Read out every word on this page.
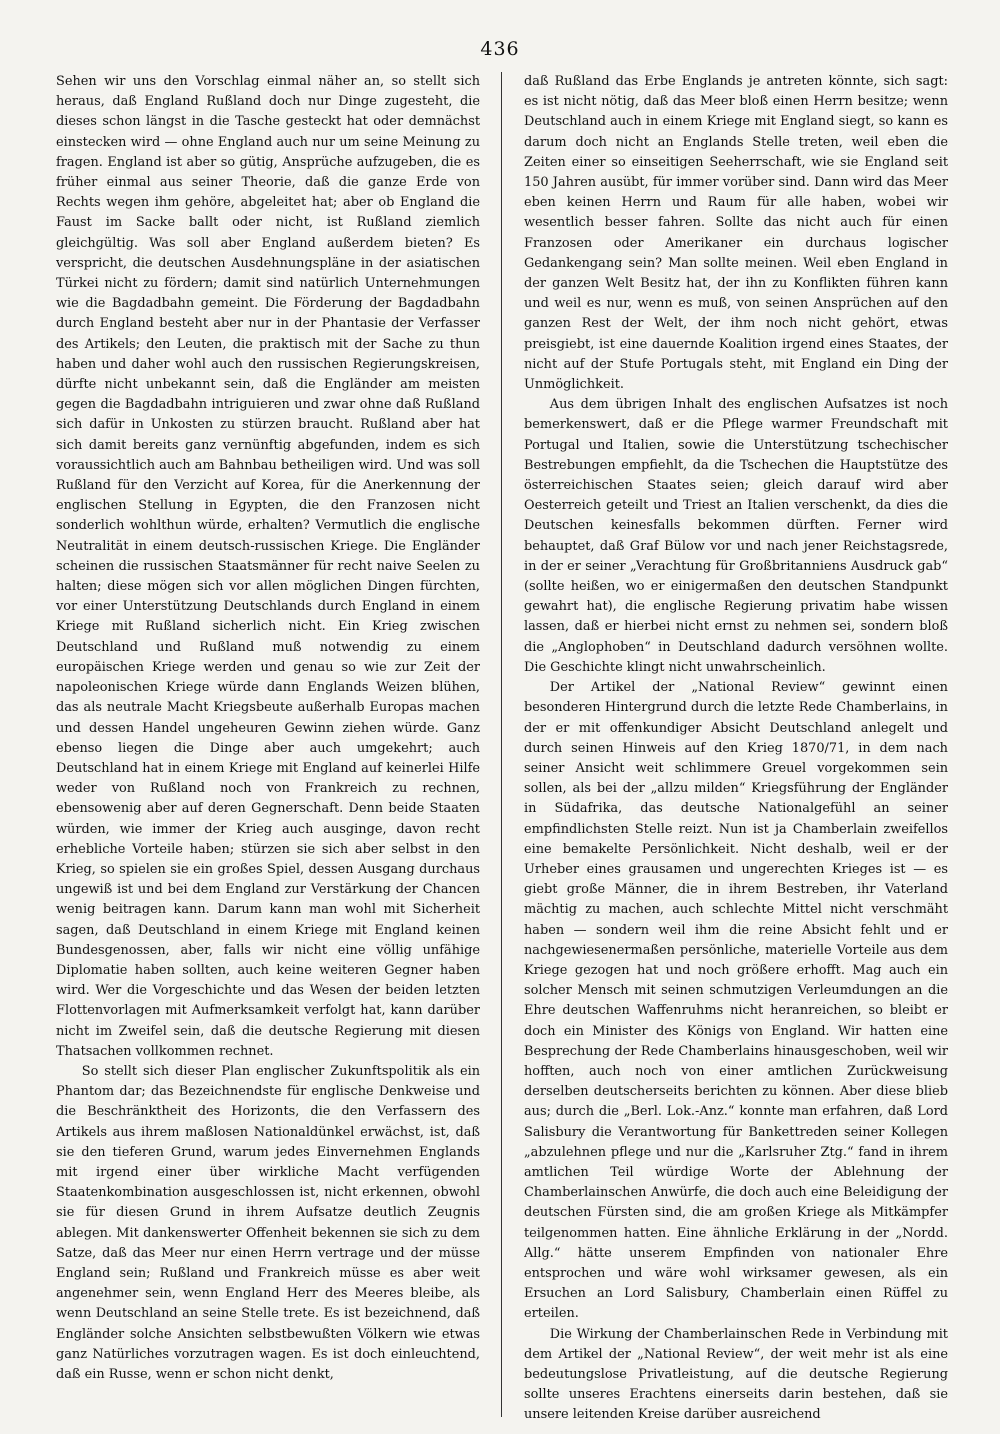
436

Sehen wir uns den Vorschlag einmal näher an, so stellt sich heraus, daß England Rußland doch nur Dinge zugesteht, die dieses schon längst in die Tasche gesteckt hat oder demnächst einstecken wird — ohne England auch nur um seine Meinung zu fragen. England ist aber so gütig, Ansprüche aufzugeben, die es früher einmal aus seiner Theorie, daß die ganze Erde von Rechts wegen ihm gehöre, abgeleitet hat; aber ob England die Faust im Sacke ballt oder nicht, ist Rußland ziemlich gleichgültig. Was soll aber England außerdem bieten? Es verspricht, die deutschen Ausdehnungspläne in der asiatischen Türkei nicht zu fördern; damit sind natürlich Unternehmungen wie die Bagdadbahn gemeint. Die Förderung der Bagdadbahn durch England besteht aber nur in der Phantasie der Verfasser des Artikels; den Leuten, die praktisch mit der Sache zu thun haben und daher wohl auch den russischen Regierungskreisen, dürfte nicht unbekannt sein, daß die Engländer am meisten gegen die Bagdadbahn intriguieren und zwar ohne daß Rußland sich dafür in Unkosten zu stürzen braucht. Rußland aber hat sich damit bereits ganz vernünftig abgefunden, indem es sich voraussichtlich auch am Bahnbau betheiligen wird. Und was soll Rußland für den Verzicht auf Korea, für die Anerkennung der englischen Stellung in Egypten, die den Franzosen nicht sonderlich wohlthun würde, erhalten? Vermutlich die englische Neutralität in einem deutsch-russischen Kriege. Die Engländer scheinen die russischen Staatsmänner für recht naive Seelen zu halten; diese mögen sich vor allen möglichen Dingen fürchten, vor einer Unterstützung Deutschlands durch England in einem Kriege mit Rußland sicherlich nicht. Ein Krieg zwischen Deutschland und Rußland muß notwendig zu einem europäischen Kriege werden und genau so wie zur Zeit der napoleonischen Kriege würde dann Englands Weizen blühen, das als neutrale Macht Kriegsbeute außerhalb Europas machen und dessen Handel ungeheuren Gewinn ziehen würde. Ganz ebenso liegen die Dinge aber auch umgekehrt; auch Deutschland hat in einem Kriege mit England auf keinerlei Hilfe weder von Rußland noch von Frankreich zu rechnen, ebensowenig aber auf deren Gegnerschaft. Denn beide Staaten würden, wie immer der Krieg auch ausginge, davon recht erhebliche Vorteile haben; stürzen sie sich aber selbst in den Krieg, so spielen sie ein großes Spiel, dessen Ausgang durchaus ungewiß ist und bei dem England zur Verstärkung der Chancen wenig beitragen kann. Darum kann man wohl mit Sicherheit sagen, daß Deutschland in einem Kriege mit England keinen Bundesgenossen, aber, falls wir nicht eine völlig unfähige Diplomatie haben sollten, auch keine weiteren Gegner haben wird. Wer die Vorgeschichte und das Wesen der beiden letzten Flottenvorlagen mit Aufmerksamkeit verfolgt hat, kann darüber nicht im Zweifel sein, daß die deutsche Regierung mit diesen Thatsachen vollkommen rechnet.

So stellt sich dieser Plan englischer Zukunftspolitik als ein Phantom dar; das Bezeichnendste für englische Denkweise und die Beschränktheit des Horizonts, die den Verfassern des Artikels aus ihrem maßlosen Nationaldünkel erwächst, ist, daß sie den tieferen Grund, warum jedes Einvernehmen Englands mit irgend einer über wirkliche Macht verfügenden Staatenkombination ausgeschlossen ist, nicht erkennen, obwohl sie für diesen Grund in ihrem Aufsatze deutlich Zeugnis ablegen. Mit dankenswerter Offenheit bekennen sie sich zu dem Satze, daß das Meer nur einen Herrn vertrage und der müsse England sein; Rußland und Frankreich müsse es aber weit angenehmer sein, wenn England Herr des Meeres bleibe, als wenn Deutschland an seine Stelle trete. Es ist bezeichnend, daß Engländer solche Ansichten selbstbewußten Völkern wie etwas ganz Natürliches vorzutragen wagen. Es ist doch einleuchtend, daß ein Russe, wenn er schon nicht denkt,

daß Rußland das Erbe Englands je antreten könnte, sich sagt: es ist nicht nötig, daß das Meer bloß einen Herrn besitze; wenn Deutschland auch in einem Kriege mit England siegt, so kann es darum doch nicht an Englands Stelle treten, weil eben die Zeiten einer so einseitigen Seeherrschaft, wie sie England seit 150 Jahren ausübt, für immer vorüber sind. Dann wird das Meer eben keinen Herrn und Raum für alle haben, wobei wir wesentlich besser fahren. Sollte das nicht auch für einen Franzosen oder Amerikaner ein durchaus logischer Gedankengang sein? Man sollte meinen. Weil eben England in der ganzen Welt Besitz hat, der ihn zu Konflikten führen kann und weil es nur, wenn es muß, von seinen Ansprüchen auf den ganzen Rest der Welt, der ihm noch nicht gehört, etwas preisgiebt, ist eine dauernde Koalition irgend eines Staates, der nicht auf der Stufe Portugals steht, mit England ein Ding der Unmöglichkeit.

Aus dem übrigen Inhalt des englischen Aufsatzes ist noch bemerkenswert, daß er die Pflege warmer Freundschaft mit Portugal und Italien, sowie die Unterstützung tschechischer Bestrebungen empfiehlt, da die Tschechen die Hauptstütze des österreichischen Staates seien; gleich darauf wird aber Oesterreich geteilt und Triest an Italien verschenkt, da dies die Deutschen keinesfalls bekommen dürften. Ferner wird behauptet, daß Graf Bülow vor und nach jener Reichstagsrede, in der er seiner „Verachtung für Großbritanniens Ausdruck gab“ (sollte heißen, wo er einigermaßen den deutschen Standpunkt gewahrt hat), die englische Regierung privatim habe wissen lassen, daß er hierbei nicht ernst zu nehmen sei, sondern bloß die „Anglophoben“ in Deutschland dadurch versöhnen wollte. Die Geschichte klingt nicht unwahrscheinlich.

Der Artikel der „National Review“ gewinnt einen besonderen Hintergrund durch die letzte Rede Chamberlains, in der er mit offenkundiger Absicht Deutschland anlegelt und durch seinen Hinweis auf den Krieg 1870/71, in dem nach seiner Ansicht weit schlimmere Greuel vorgekommen sein sollen, als bei der „allzu milden“ Kriegsführung der Engländer in Südafrika, das deutsche Nationalgefühl an seiner empfindlichsten Stelle reizt. Nun ist ja Chamberlain zweifellos eine bemakelte Persönlichkeit. Nicht deshalb, weil er der Urheber eines grausamen und ungerechten Krieges ist — es giebt große Männer, die in ihrem Bestreben, ihr Vaterland mächtig zu machen, auch schlechte Mittel nicht verschmäht haben — sondern weil ihm die reine Absicht fehlt und er nachgewiesenermaßen persönliche, materielle Vorteile aus dem Kriege gezogen hat und noch größere erhofft. Mag auch ein solcher Mensch mit seinen schmutzigen Verleumdungen an die Ehre deutschen Waffenruhms nicht heranreichen, so bleibt er doch ein Minister des Königs von England. Wir hatten eine Besprechung der Rede Chamberlains hinausgeschoben, weil wir hofften, auch noch von einer amtlichen Zurückweisung derselben deutscherseits berichten zu können. Aber diese blieb aus; durch die „Berl. Lok.-Anz.“ konnte man erfahren, daß Lord Salisbury die Verantwortung für Bankettreden seiner Kollegen „abzulehnen pflege und nur die „Karlsruher Ztg.“ fand in ihrem amtlichen Teil würdige Worte der Ablehnung der Chamberlainschen Anwürfe, die doch auch eine Beleidigung der deutschen Fürsten sind, die am großen Kriege als Mitkämpfer teilgenommen hatten. Eine ähnliche Erklärung in der „Nordd. Allg.“ hätte unserem Empfinden von nationaler Ehre entsprochen und wäre wohl wirksamer gewesen, als ein Ersuchen an Lord Salisbury, Chamberlain einen Rüffel zu erteilen.

Die Wirkung der Chamberlainschen Rede in Verbindung mit dem Artikel der „National Review“, der weit mehr ist als eine bedeutungslose Privatleistung, auf die deutsche Regierung sollte unseres Erachtens einerseits darin bestehen, daß sie unsere leitenden Kreise darüber ausreichend
